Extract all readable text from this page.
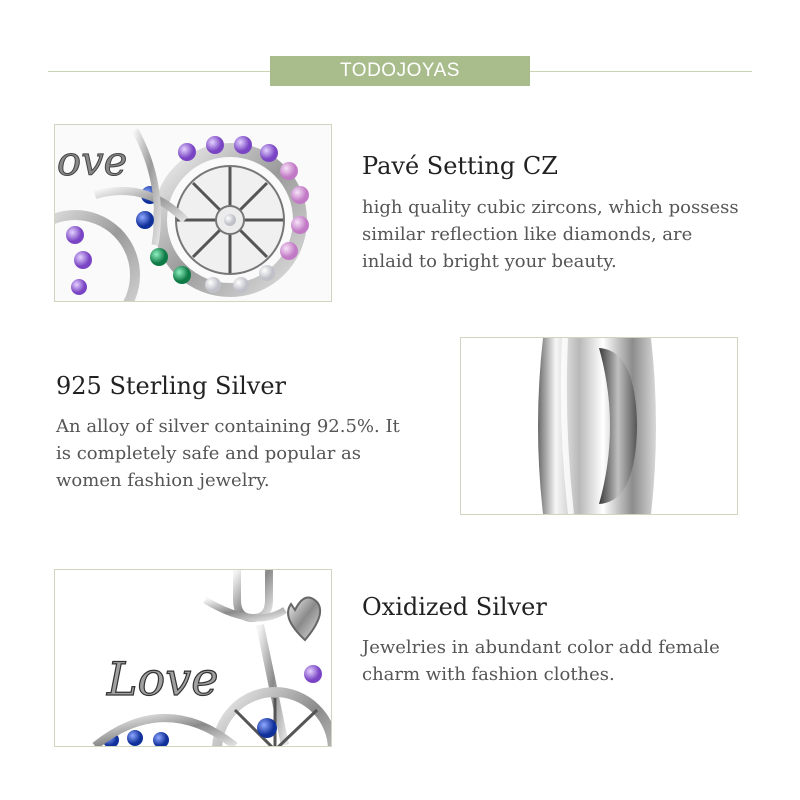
TODOJOYAS
ove	Pavé Setting CZ
high quality cubic zircons, which possess
similar reflection like diamonds, are
inlaid to bright your beauty.
925 Sterling Silver
An alloy of silver containing 92.5%. It
is completely safe and popular as
women fashion jewelry.
Love
Oxidized Silver
Jewelries in abundant color add female
charm with fashion clothes.
